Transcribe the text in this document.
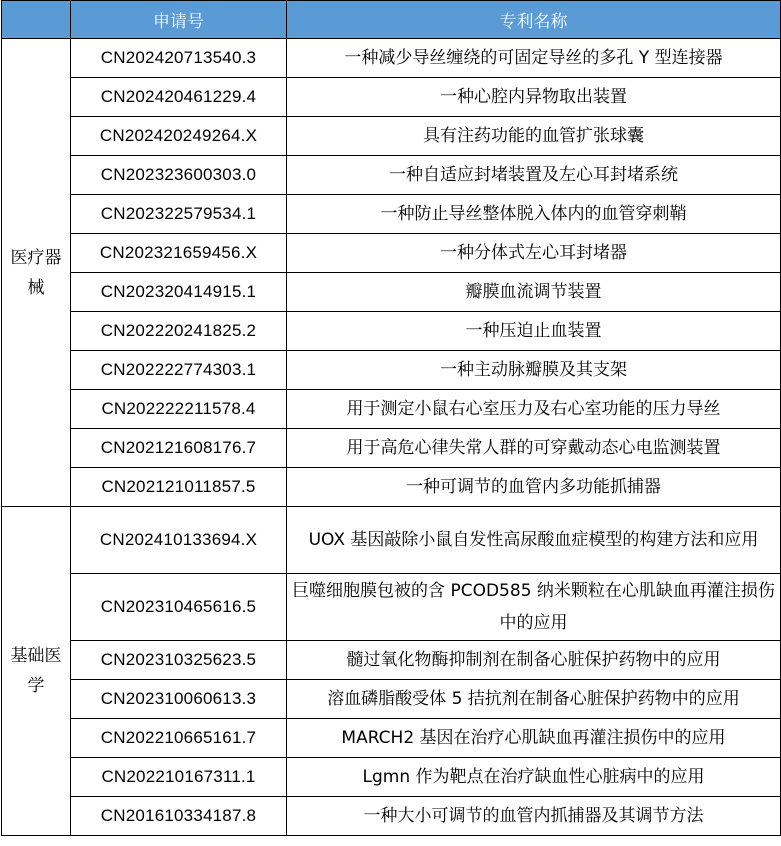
	申请号	专利名称
医疗器械	CN202420713540.3	一种减少导丝缠绕的可固定导丝的多孔 Y 型连接器
	CN202420461229.4	一种心腔内异物取出装置
	CN202420249264.X	具有注药功能的血管扩张球囊
	CN202323600303.0	一种自适应封堵装置及左心耳封堵系统
	CN202322579534.1	一种防止导丝整体脱入体内的血管穿刺鞘
	CN202321659456.X	一种分体式左心耳封堵器
	CN202320414915.1	瓣膜血流调节装置
	CN202220241825.2	一种压迫止血装置
	CN202222774303.1	一种主动脉瓣膜及其支架
	CN202222211578.4	用于测定小鼠右心室压力及右心室功能的压力导丝
	CN202121608176.7	用于高危心律失常人群的可穿戴动态心电监测装置
	CN202121011857.5	一种可调节的血管内多功能抓捕器
基础医学	CN202410133694.X	UOX 基因敲除小鼠自发性高尿酸血症模型的构建方法和应用
	CN202310465616.5	巨噬细胞膜包被的含 PCOD585 纳米颗粒在心肌缺血再灌注损伤中的应用
	CN202310325623.5	髓过氧化物酶抑制剂在制备心脏保护药物中的应用
	CN202310060613.3	溶血磷脂酸受体 5 拮抗剂在制备心脏保护药物中的应用
	CN202210665161.7	MARCH2 基因在治疗心肌缺血再灌注损伤中的应用
	CN202210167311.1	Lgmn 作为靶点在治疗缺血性心脏病中的应用
	CN201610334187.8	一种大小可调节的血管内抓捕器及其调节方法
